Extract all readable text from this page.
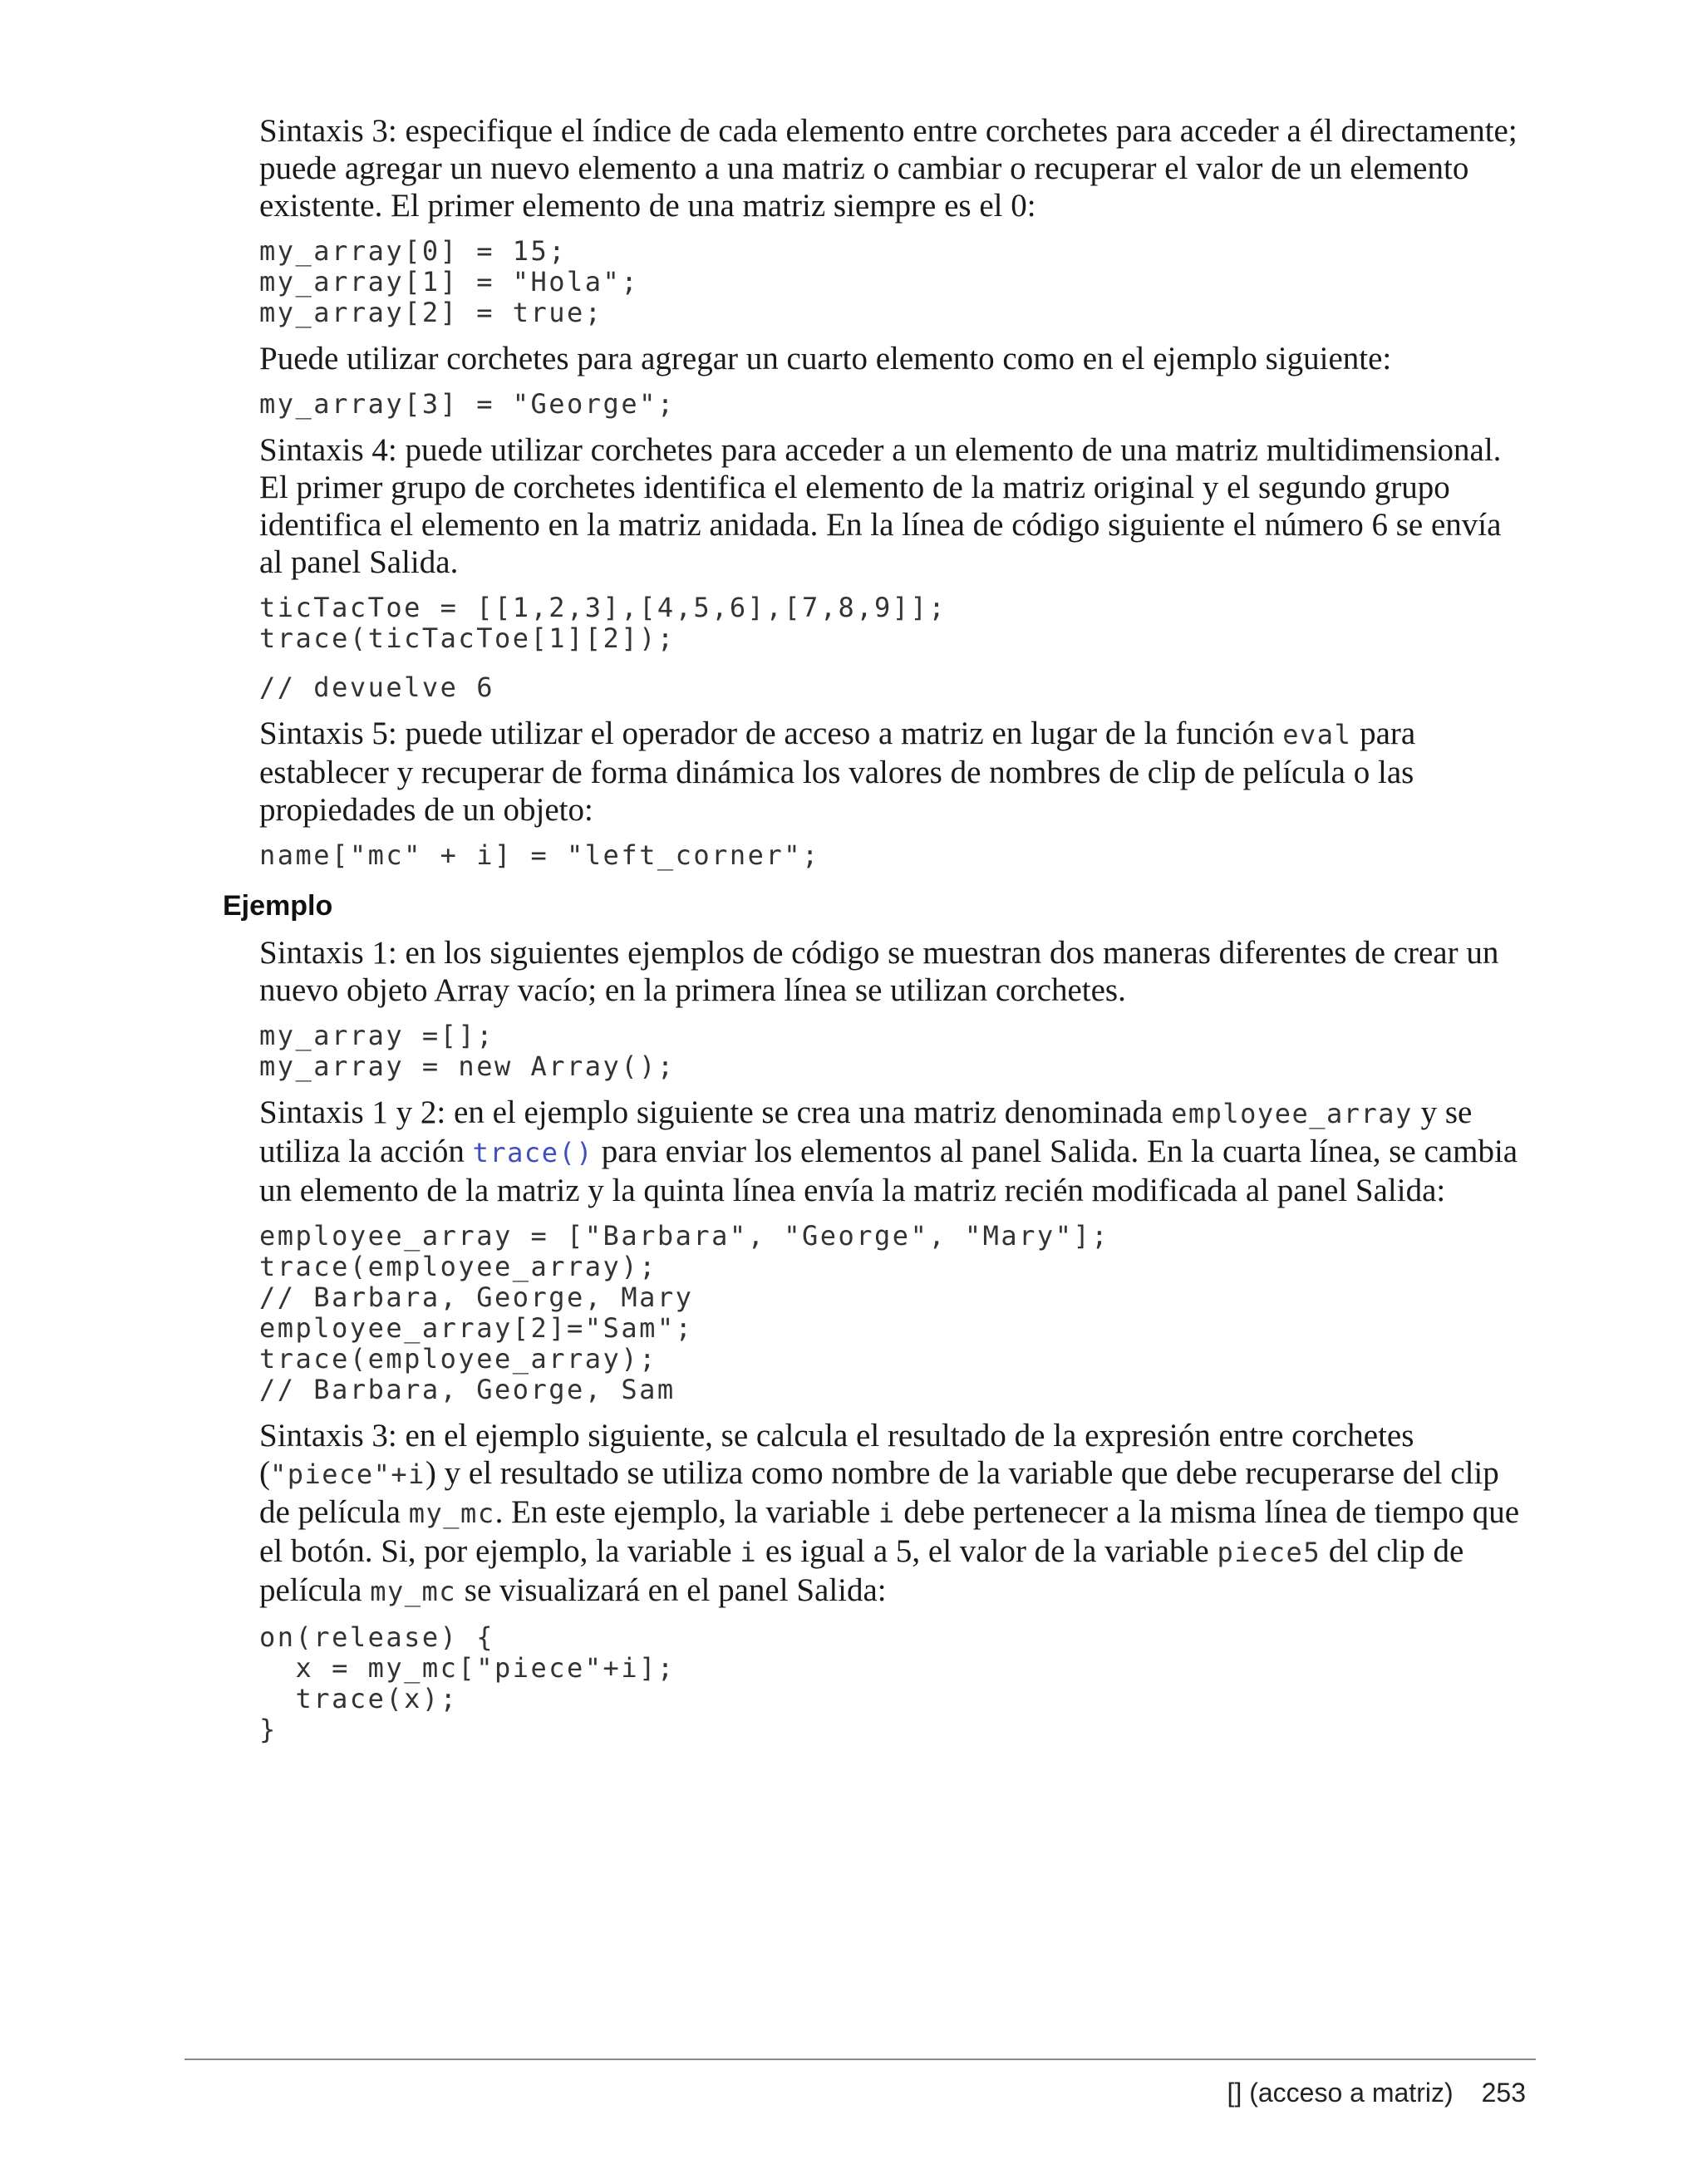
Sintaxis 3: especifique el índice de cada elemento entre corchetes para acceder a él directamente; puede agregar un nuevo elemento a una matriz o cambiar o recuperar el valor de un elemento existente. El primer elemento de una matriz siempre es el 0:

my_array[0] = 15;
my_array[1] = "Hola";
my_array[2] = true;

Puede utilizar corchetes para agregar un cuarto elemento como en el ejemplo siguiente:

my_array[3] = "George";

Sintaxis 4: puede utilizar corchetes para acceder a un elemento de una matriz multidimensional. El primer grupo de corchetes identifica el elemento de la matriz original y el segundo grupo identifica el elemento en la matriz anidada. En la línea de código siguiente el número 6 se envía al panel Salida.

ticTacToe = [[1,2,3],[4,5,6],[7,8,9]];
trace(ticTacToe[1][2]);
// devuelve 6

Sintaxis 5: puede utilizar el operador de acceso a matriz en lugar de la función eval para establecer y recuperar de forma dinámica los valores de nombres de clip de película o las propiedades de un objeto:

name["mc" + i] = "left_corner";
Ejemplo

Sintaxis 1: en los siguientes ejemplos de código se muestran dos maneras diferentes de crear un nuevo objeto Array vacío; en la primera línea se utilizan corchetes.

my_array =[];
my_array = new Array();

Sintaxis 1 y 2: en el ejemplo siguiente se crea una matriz denominada employee_array y se utiliza la acción trace() para enviar los elementos al panel Salida. En la cuarta línea, se cambia un elemento de la matriz y la quinta línea envía la matriz recién modificada al panel Salida:

employee_array = ["Barbara", "George", "Mary"];
trace(employee_array);
// Barbara, George, Mary
employee_array[2]="Sam";
trace(employee_array);
// Barbara, George, Sam

Sintaxis 3: en el ejemplo siguiente, se calcula el resultado de la expresión entre corchetes ("piece"+i) y el resultado se utiliza como nombre de la variable que debe recuperarse del clip de película my_mc. En este ejemplo, la variable i debe pertenecer a la misma línea de tiempo que el botón. Si, por ejemplo, la variable i es igual a 5, el valor de la variable piece5 del clip de película my_mc se visualizará en el panel Salida:

on(release) {
x = my_mc["piece"+i];
trace(x);
}
[] (acceso a matriz) 253
